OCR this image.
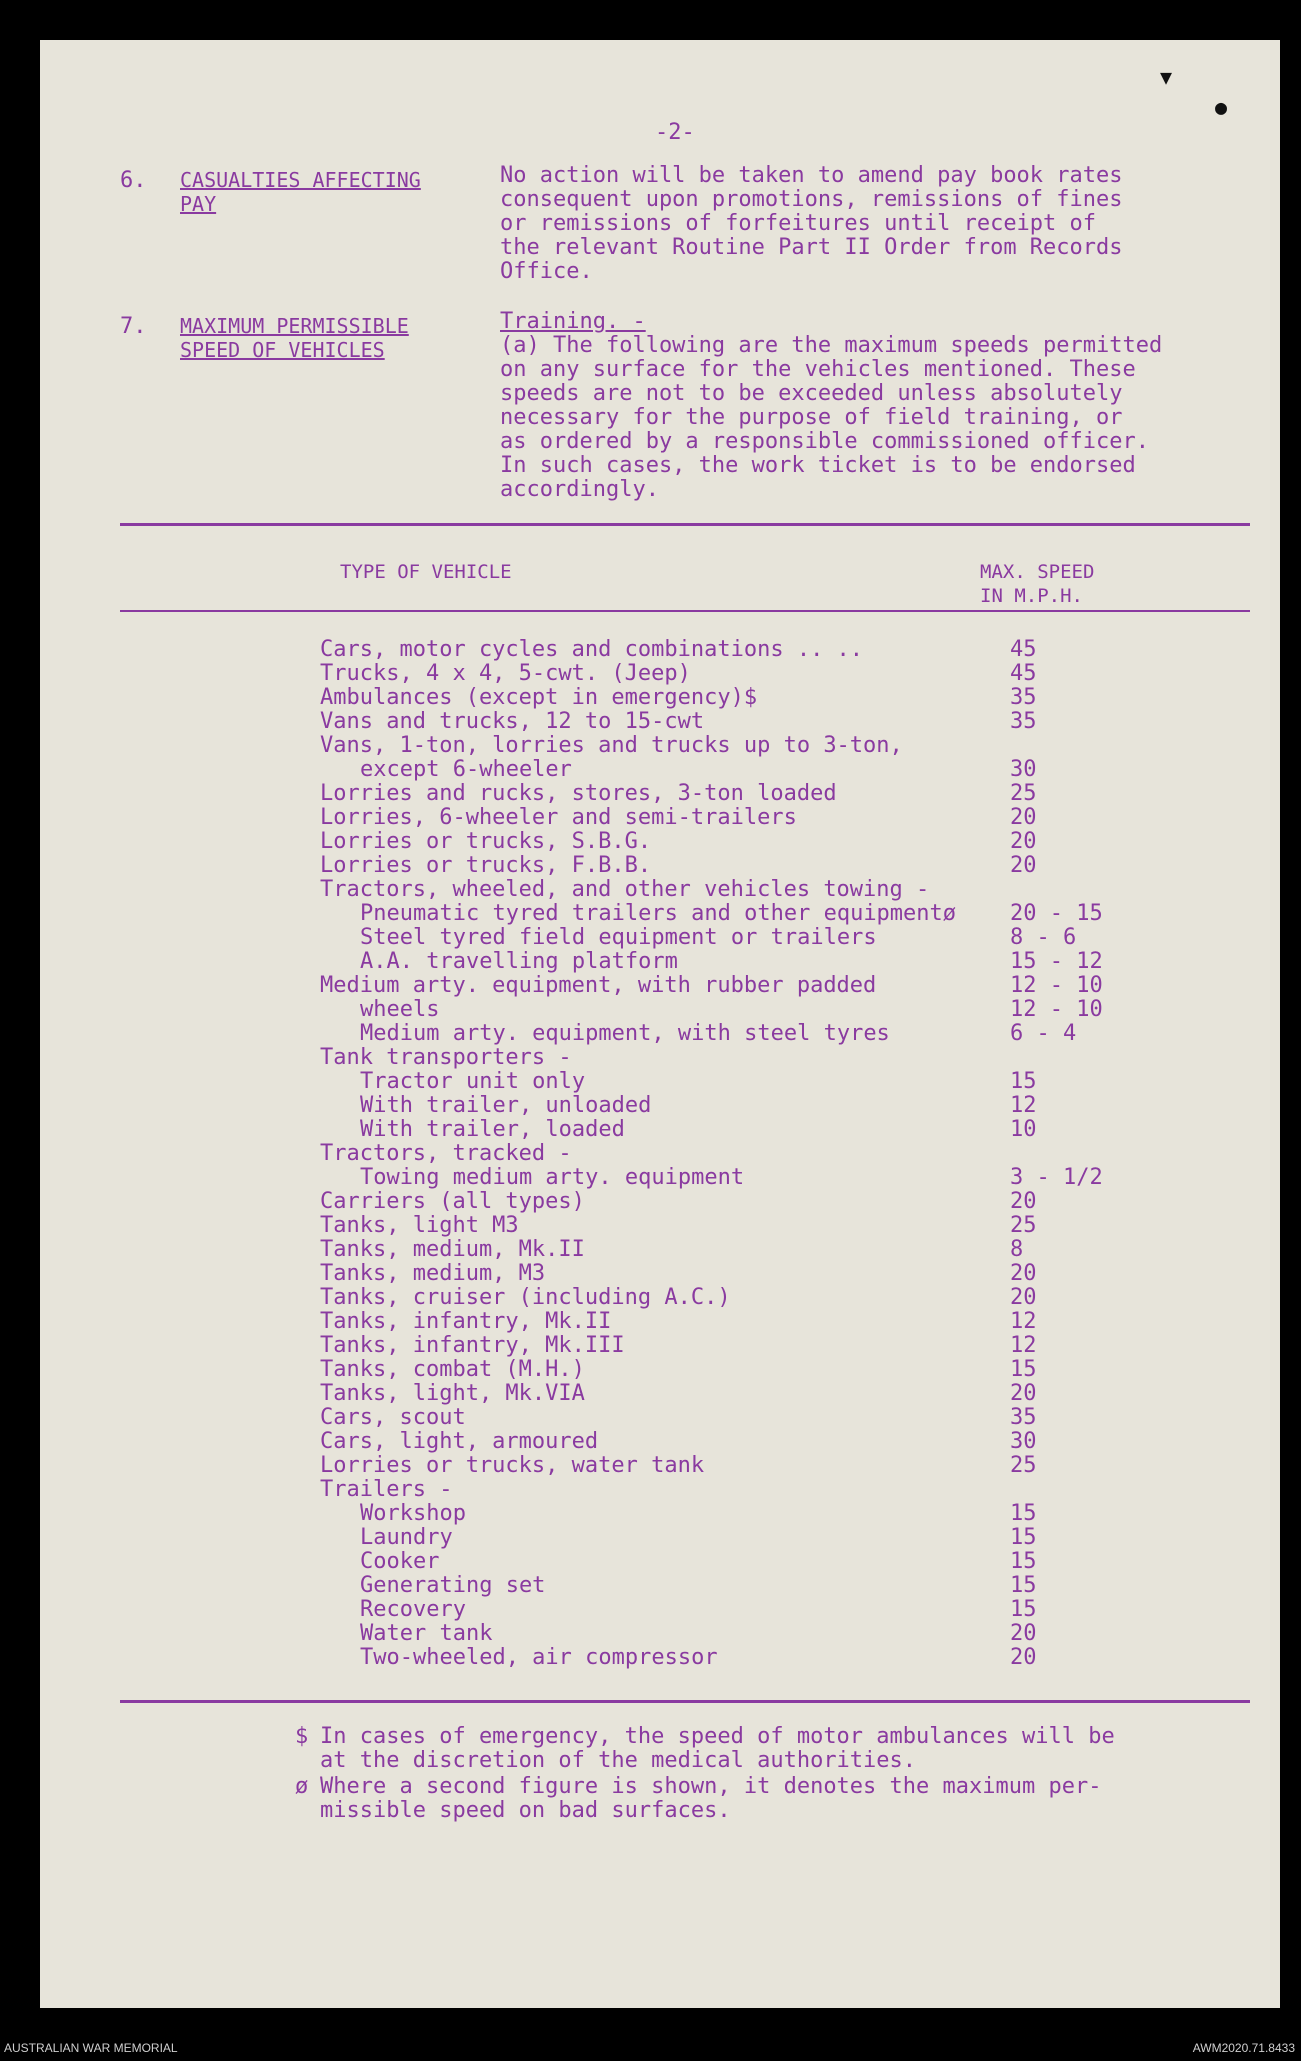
-2-
6. CASUALTIES AFFECTING
PAY
No action will be taken to amend pay book rates
consequent upon promotions, remissions of fines
or remissions of forfeitures until receipt of
the relevant Routine Part II Order from Records
Office.
7. MAXIMUM PERMISSIBLE
SPEED OF VEHICLES
Training. -
(a) The following are the maximum speeds permitted
on any surface for the vehicles mentioned. These
speeds are not to be exceeded unless absolutely
necessary for the purpose of field training, or
as ordered by a responsible commissioned officer.
In such cases, the work ticket is to be endorsed
accordingly.
TYPE OF VEHICLE	MAX. SPEED
IN M.P.H.
Cars, motor cycles and combinations .. ..	45
Trucks, 4 x 4, 5-cwt. (Jeep)	45
Ambulances (except in emergency)$	35
Vans and trucks, 12 to 15-cwt	35
Vans, 1-ton, lorries and trucks up to 3-ton,
except 6-wheeler	30
Lorries and rucks, stores, 3-ton loaded	25
Lorries, 6-wheeler and semi-trailers	20
Lorries or trucks, S.B.G.	20
Lorries or trucks, F.B.B.	20
Tractors, wheeled, and other vehicles towing -
Pneumatic tyred trailers and other equipmentø 20 - 15
Steel tyred field equipment or trailers	8 - 6
A.A. travelling platform	15 - 12
Medium arty. equipment, with rubber padded	12 - 10
wheels	12 - 10
Medium arty. equipment, with steel tyres	6 - 4
Tank transporters -
Tractor unit only	15
With trailer, unloaded	12
With trailer, loaded	10
Tractors, tracked -
Towing medium arty. equipment	3 - 1/2
Carriers (all types)	20
Tanks, light M3	25
Tanks, medium, Mk.II	8
Tanks, medium, M3	20
Tanks, cruiser (including A.C.)	20
Tanks, infantry, Mk.II	12
Tanks, infantry, Mk.III	12
Tanks, combat (M.H.)	15
Tanks, light, Mk.VIA	20
Cars, scout	35
Cars, light, armoured	30
Lorries or trucks, water tank	25
Trailers -
Workshop	15
Laundry	15
Cooker	15
Generating set	15
Recovery	15
Water tank	20
Two-wheeled, air compressor	20
$ In cases of emergency, the speed of motor ambulances will be
at the discretion of the medical authorities.
ø Where a second figure is shown, it denotes the maximum per-
missible speed on bad surfaces.
▼
●
AUSTRALIAN WAR MEMORIAL	AWM2020.71.8433
